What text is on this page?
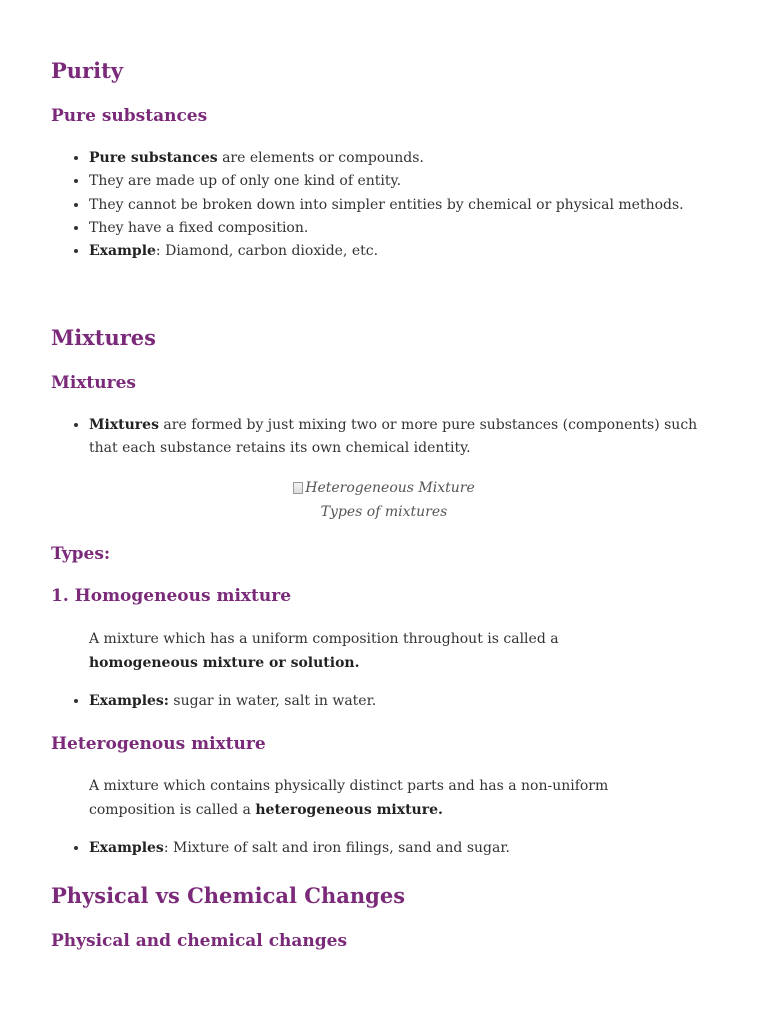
Purity
Pure substances
• Pure substances are elements or compounds.
• They are made up of only one kind of entity.
• They cannot be broken down into simpler entities by chemical or physical methods.
• They have a fixed composition.
• Example: Diamond, carbon dioxide, etc.
Mixtures
Mixtures
• Mixtures are formed by just mixing two or more pure substances (components) such that each substance retains its own chemical identity.
Heterogeneous Mixture
Types of mixtures
Types:
1. Homogeneous mixture

A mixture which has a uniform composition throughout is called a homogeneous mixture or solution.

• Examples: sugar in water, salt in water.
Heterogenous mixture

A mixture which contains physically distinct parts and has a non-uniform composition is called a heterogeneous mixture.

• Examples: Mixture of salt and iron filings, sand and sugar.
Physical vs Chemical Changes
Physical and chemical changes
